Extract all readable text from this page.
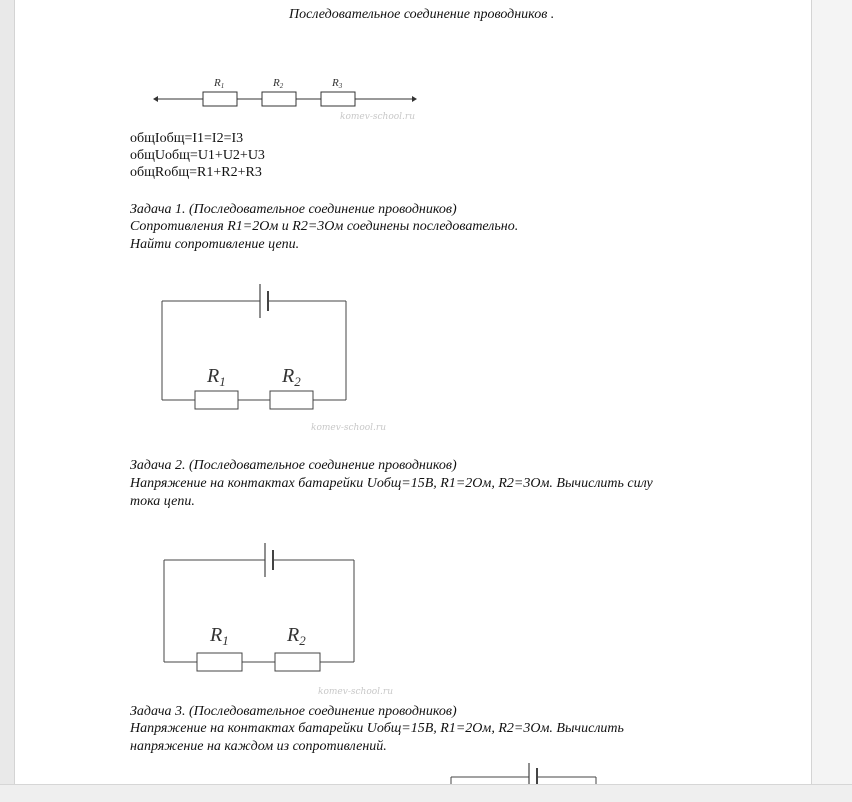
Последовательное соединение проводников .
R1	R2	R3
komev-school.ru
общIобщ=I1=I2=I3
общUобщ=U1+U2+U3
общRобщ=R1+R2+R3
Задача 1. (Последовательное соединение проводников)
Сопротивления R1=2Ом и R2=3Ом соединены последовательно.
Найти сопротивление цепи.
$R_1$	$R_2$
komev-school.ru
Задача 2. (Последовательное соединение проводников)
Напряжение на контактах батарейки Uобщ=15В, R1=2Ом, R2=3Ом. Вычислить силу
тока цепи.
$R_1$	$R_2$
komev-school.ru
Задача 3. (Последовательное соединение проводников)
Напряжение на контактах батарейки Uобщ=15В, R1=2Ом, R2=3Ом. Вычислить
напряжение на каждом из сопротивлений.
